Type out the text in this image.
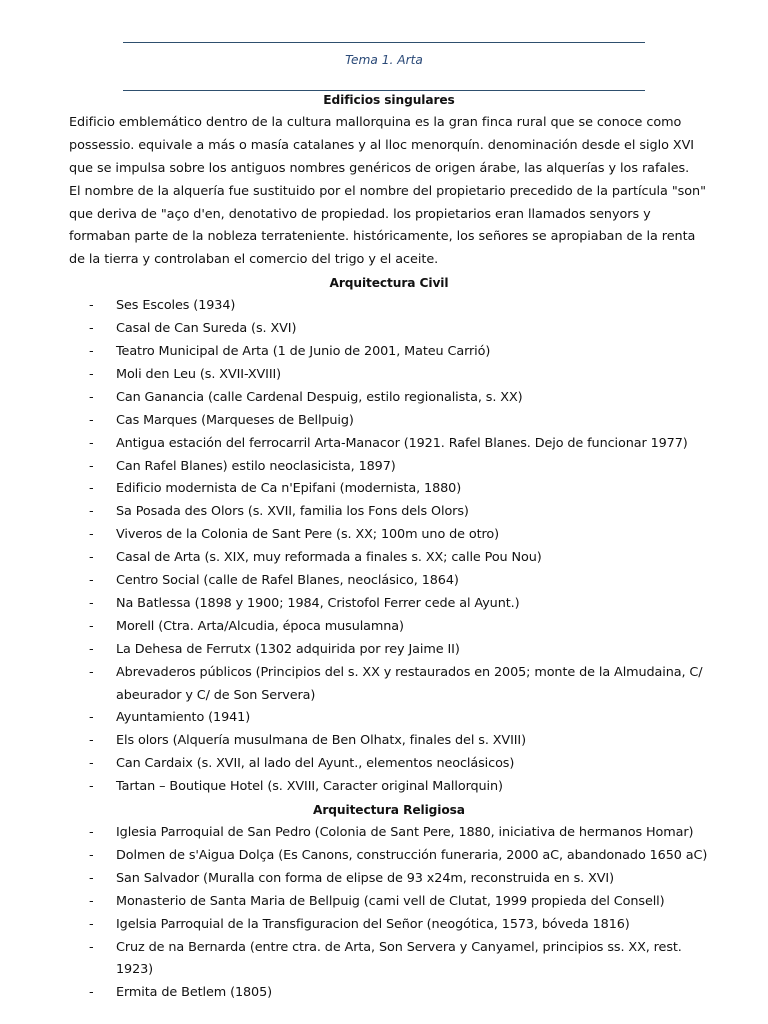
Tema 1. Arta
Edificios singulares

Edificio emblemático dentro de la cultura mallorquina es la gran finca rural que se conoce como possessio. equivale a más o masía catalanes y al lloc menorquín. denominación desde el siglo XVI que se impulsa sobre los antiguos nombres genéricos de origen árabe, las alquerías y los rafales.

El nombre de la alquería fue sustituido por el nombre del propietario precedido de la partícula "son" que deriva de "aço d'en, denotativo de propiedad. los propietarios eran llamados senyors y formaban parte de la nobleza terrateniente. históricamente, los señores se apropiaban de la renta de la tierra y controlaban el comercio del trigo y el aceite.

Arquitectura Civil
- Ses Escoles (1934)
- Casal de Can Sureda (s. XVI)
- Teatro Municipal de Arta (1 de Junio de 2001, Mateu Carrió)
- Moli den Leu (s. XVII-XVIII)
- Can Ganancia (calle Cardenal Despuig, estilo regionalista, s. XX)
- Cas Marques (Marqueses de Bellpuig)
- Antigua estación del ferrocarril Arta-Manacor (1921. Rafel Blanes. Dejo de funcionar 1977)
- Can Rafel Blanes) estilo neoclasicista, 1897)
- Edificio modernista de Ca n'Epifani (modernista, 1880)
- Sa Posada des Olors (s. XVII, familia los Fons dels Olors)
- Viveros de la Colonia de Sant Pere (s. XX; 100m uno de otro)
- Casal de Arta (s. XIX, muy reformada a finales s. XX; calle Pou Nou)
- Centro Social (calle de Rafel Blanes, neoclásico, 1864)
- Na Batlessa (1898 y 1900; 1984, Cristofol Ferrer cede al Ayunt.)
- Morell (Ctra. Arta/Alcudia, época musulamna)
- La Dehesa de Ferrutx (1302 adquirida por rey Jaime II)
- Abrevaderos públicos (Principios del s. XX y restaurados en 2005; monte de la Almudaina, C/ abeurador y C/ de Son Servera)
- Ayuntamiento (1941)
- Els olors (Alquería musulmana de Ben Olhatx, finales del s. XVIII)
- Can Cardaix (s. XVII, al lado del Ayunt., elementos neoclásicos)
- Tartan – Boutique Hotel (s. XVIII, Caracter original Mallorquin)
Arquitectura Religiosa
- Iglesia Parroquial de San Pedro (Colonia de Sant Pere, 1880, iniciativa de hermanos Homar)
- Dolmen de s'Aigua Dolça (Es Canons, construcción funeraria, 2000 aC, abandonado 1650 aC)
- San Salvador (Muralla con forma de elipse de 93 x24m, reconstruida en s. XVI)
- Monasterio de Santa Maria de Bellpuig (cami vell de Clutat, 1999 propieda del Consell)
- Igelsia Parroquial de la Transfiguracion del Señor (neogótica, 1573, bóveda 1816)
- Cruz de na Bernarda (entre ctra. de Arta, Son Servera y Canyamel, principios ss. XX, rest. 1923)
- Ermita de Betlem (1805)
